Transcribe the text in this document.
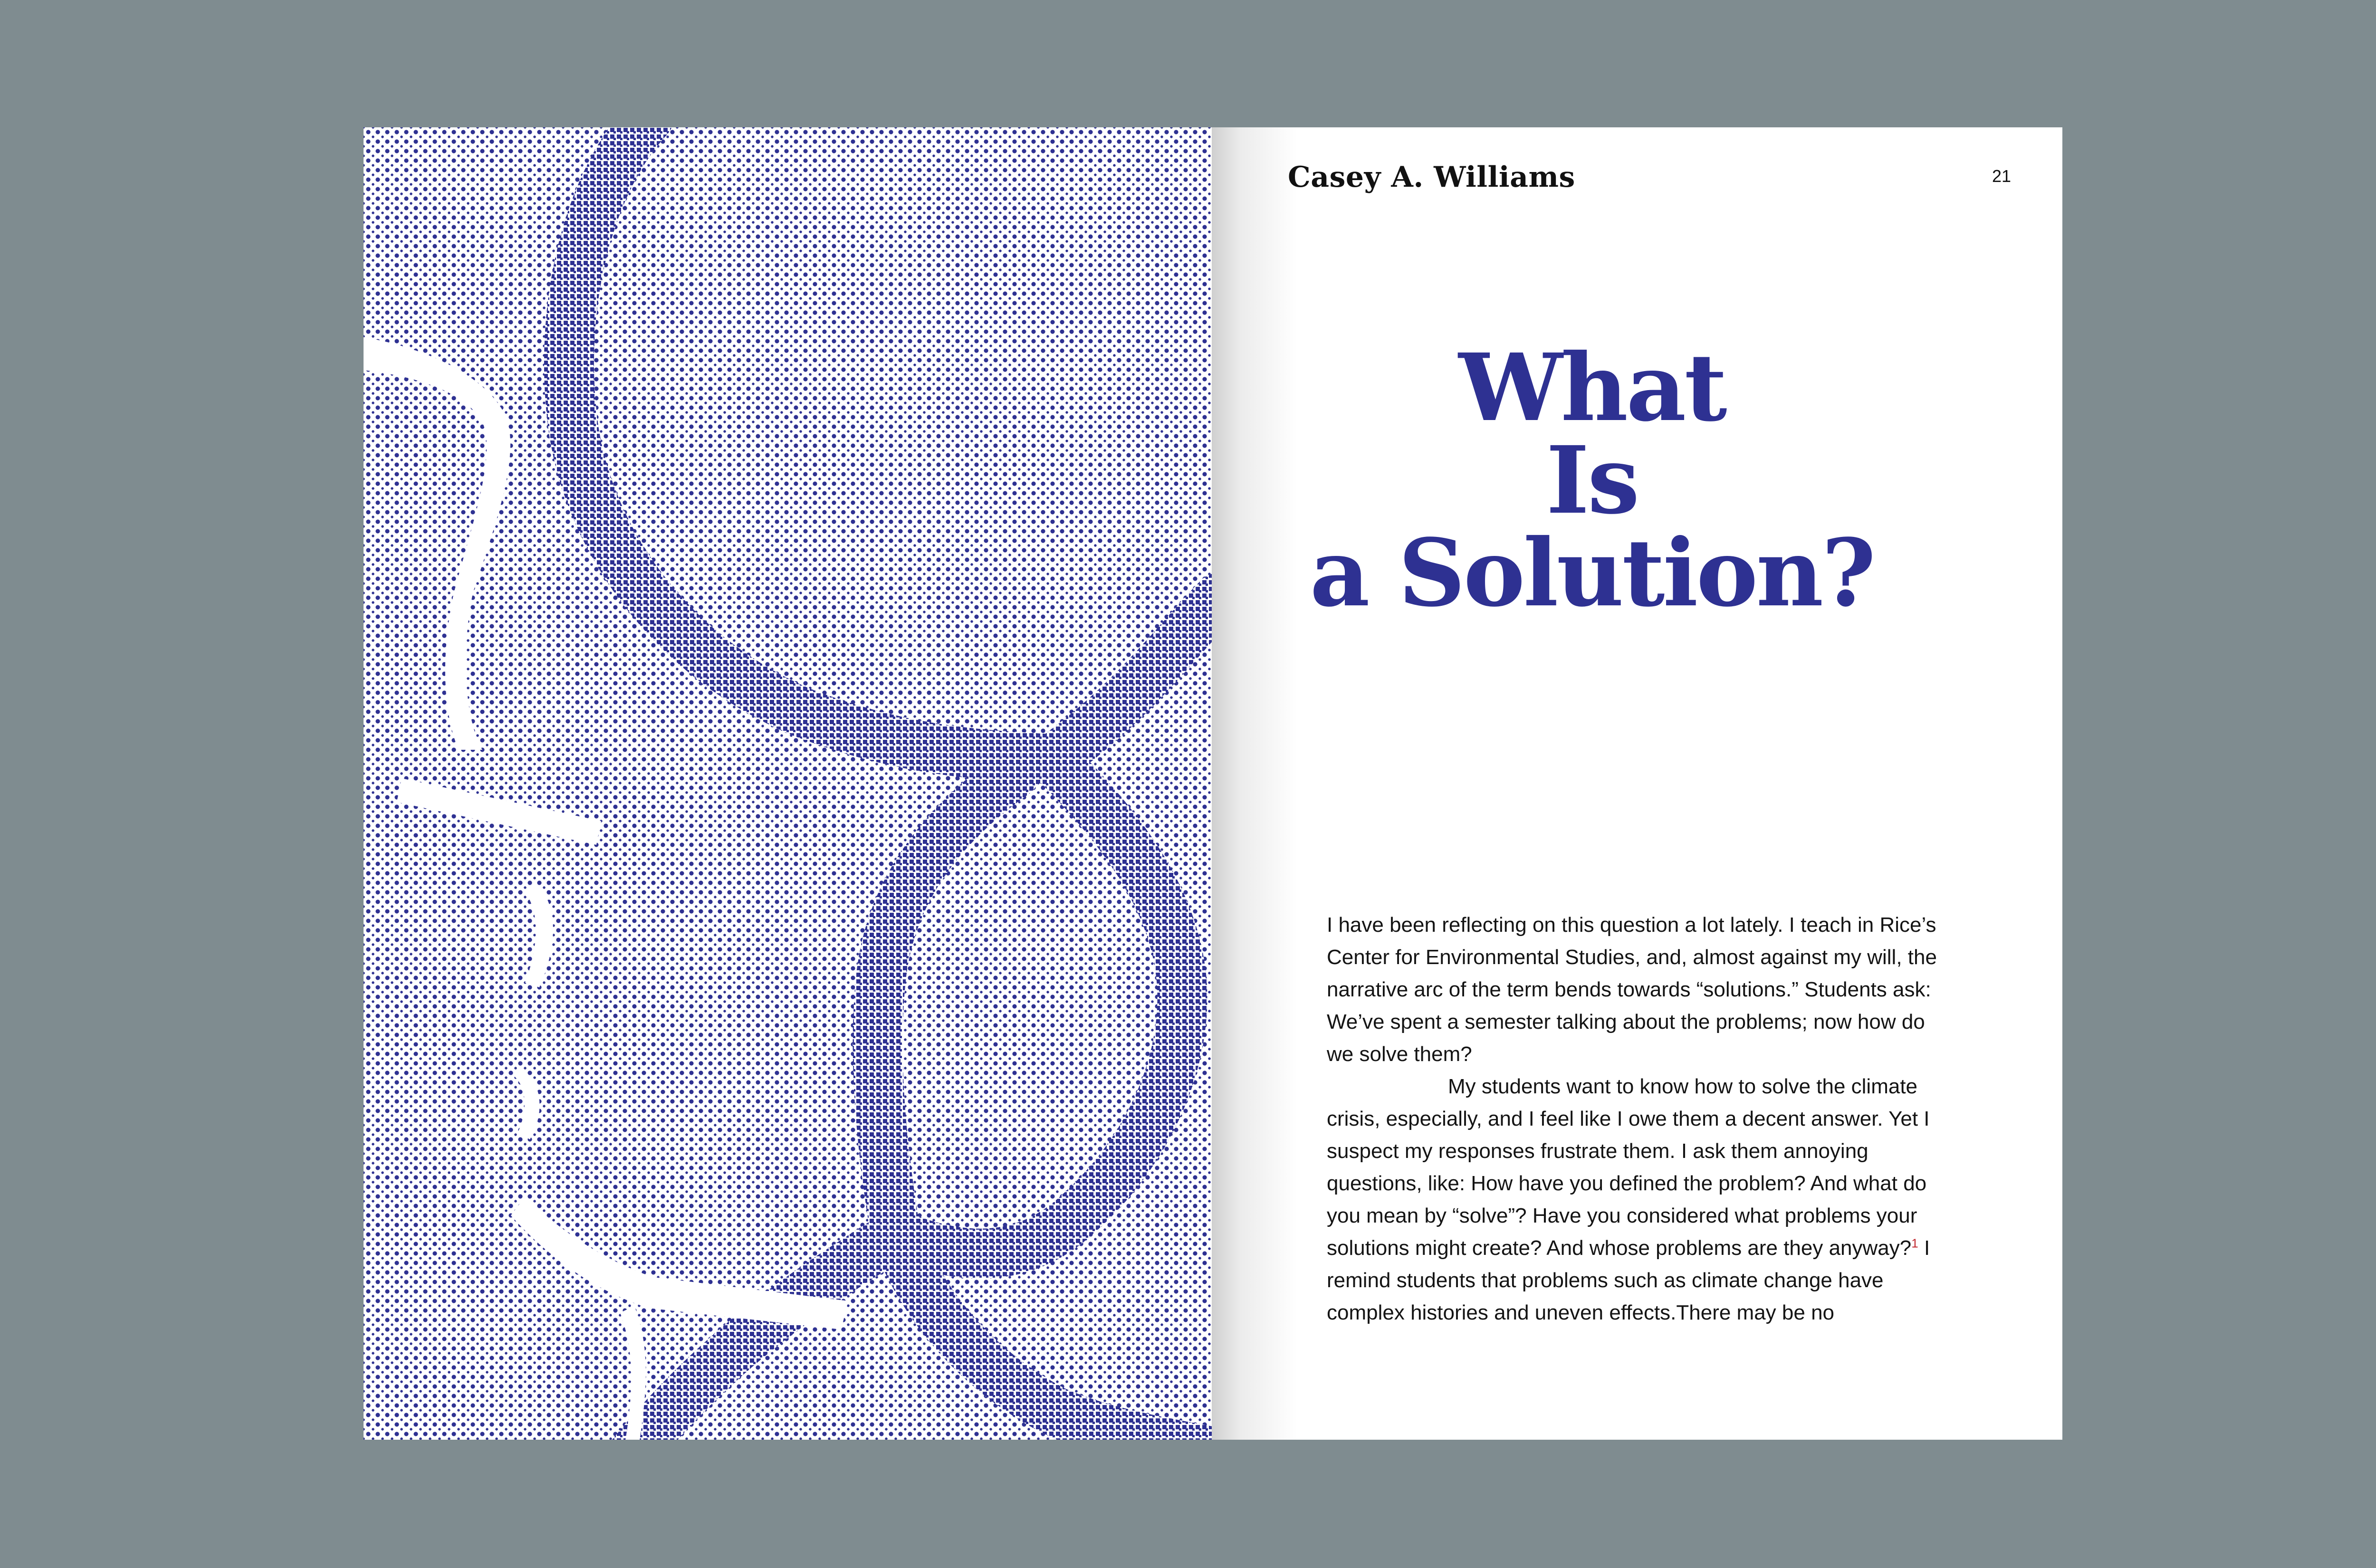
Casey A. Williams	21
What
Is
a Solution?

I have been reflecting on this question a lot lately. I teach in Rice’s Center for Environmental Studies, and, almost against my will, the narrative arc of the term bends towards “solutions.” Students ask: We’ve spent a semester talking about the problems; now how do we solve them?

My students want to know how to solve the climate crisis, especially, and I feel like I owe them a decent answer. Yet I suspect my responses frustrate them. I ask them annoying questions, like: How have you defined the problem? And what do you mean by “solve”? Have you considered what problems your solutions might create? And whose problems are they anyway?$^1$ I remind students that problems such as climate change have complex histories and uneven effects.There may be no
